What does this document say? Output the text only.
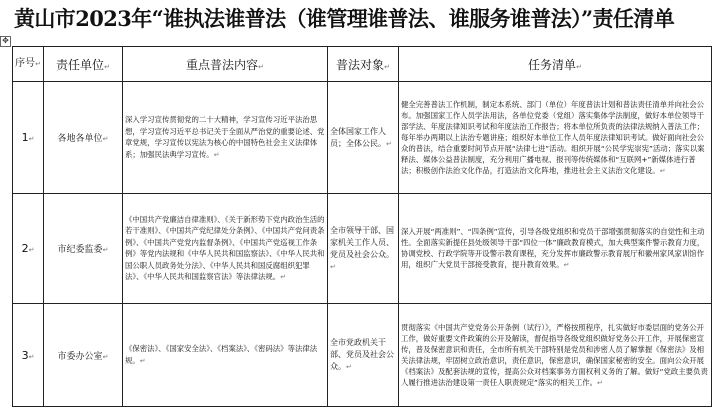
黄山市2023年“谁执法谁普法（谁管理谁普法、谁服务谁普法）”责任清单
✥
序号↵	责任单位↵	重点普法内容↵	普法对象↵	任务清单↵
1↵	各地各单位↵	深入学习宣传贯彻党的二十大精神，学习宣传习近平法治思想，学习宣传习近平总书记关于全面从严治党的重要论述、党章党规，学习宣传以宪法为核心的中国特色社会主义法律体系；加强民法典学习宣传。↵	全体国家工作人员；全体公民。↵	健全完善普法工作机制，制定本系统、部门（单位）年度普法计划和普法责任清单并向社会公布。加强国家工作人员学法用法，各单位党委（党组）落实集体学法制度，做好本单位领导干部学法、年度法律知识考试和年度法治工作报告；将本单位所负责的法律法规纳入普法工作；每年举办两期以上法治专题讲座；组织好本单位工作人员年度法律知识考试。做好面向社会公众的普法，结合重要时间节点开展“法律七进”活动。组织开展“公民学宪崇宪”活动；落实以案释法、媒体公益普法制度，充分利用广播电视、报刊等传统媒体和“互联网+”新媒体进行普法；积极创作法治文化作品，打造法治文化阵地，推进社会主义法治文化建设。↵
2↵	市纪委监委↵	《中国共产党廉洁自律准则》、《关于新形势下党内政治生活的若干准则》、《中国共产党纪律处分条例》、《中国共产党问责条例》、《中国共产党党内监督条例》、《中国共产党巡视工作条例》等党内法规和《中华人民共和国监察法》、《中华人民共和国公职人员政务处分法》、《中华人民共和国反腐组织犯罪法》、《中华人民共和国监察官法》等法律法规。↵	全市领导干部、国家机关工作人员、党员及社会公众。↵	深入开展“两准则”、“四条例”宣传，引导各级党组织和党员干部增强贯彻落实的自觉性和主动性。全面落实新提任县处级领导干部“四位一体”廉政教育模式，加大典型案件警示教育力度，协调党校、行政学院等开设警示教育课程，充分发挥市廉政警示教育展厅和徽州家风家训馆作用，组织广大党员干部接受教育，提升教育效果。↵
3↵	市委办公室↵	《保密法》、《国家安全法》、《档案法》、《密码法》等法律法规。↵	全市党政机关干部、党员及社会公众。↵	贯彻落实《中国共产党党务公开条例（试行）》，严格按照程序，扎实做好市委层面的党务公开工作，做好重要文件政策的公开及解读，督促指导各级党组织做好党务公开工作，开展保密宣传，普及保密意识和责任，全市所有机关干部特别是党员和涉密人员了解掌握《保密法》及相关法律法规，牢固树立政治意识，责任意识，保密意识，确保国家秘密的安全。面向公众开展《档案法》及配套法规的宣传，提高公众对档案事务方面权利义务的了解。做好“党政主要负责人履行推进法治建设第一责任人职责规定”落实的相关工作。↵
